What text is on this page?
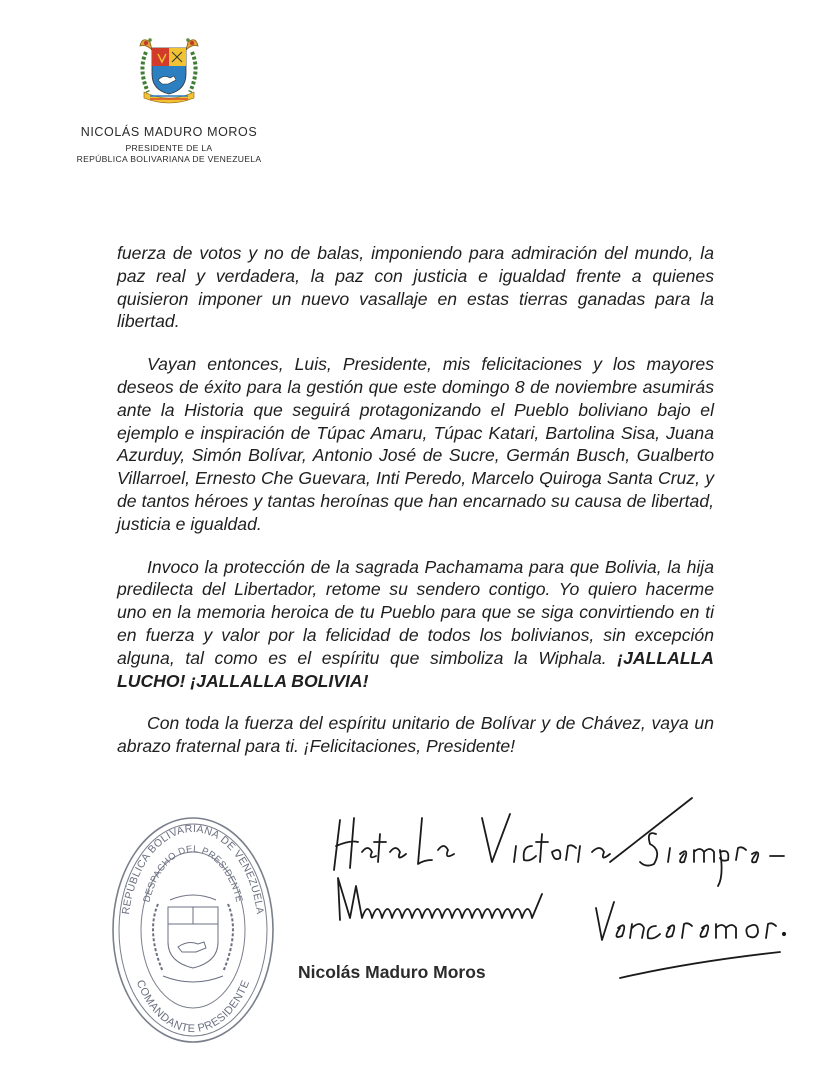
NICOLÁS MADURO MOROS
PRESIDENTE DE LA
REPÚBLICA BOLIVARIANA DE VENEZUELA

fuerza de votos y no de balas, imponiendo para admiración del mundo, la paz real y verdadera, la paz con justicia e igualdad frente a quienes quisieron imponer un nuevo vasallaje en estas tierras ganadas para la libertad.

Vayan entonces, Luis, Presidente, mis felicitaciones y los mayores deseos de éxito para la gestión que este domingo 8 de noviembre asumirás ante la Historia que seguirá protagonizando el Pueblo boliviano bajo el ejemplo e inspiración de Túpac Amaru, Túpac Katari, Bartolina Sisa, Juana Azurduy, Simón Bolívar, Antonio José de Sucre, Germán Busch, Gualberto Villarroel, Ernesto Che Guevara, Inti Peredo, Marcelo Quiroga Santa Cruz, y de tantos héroes y tantas heroínas que han encarnado su causa de libertad, justicia e igualdad.

Invoco la protección de la sagrada Pachamama para que Bolivia, la hija predilecta del Libertador, retome su sendero contigo. Yo quiero hacerme uno en la memoria heroica de tu Pueblo para que se siga convirtiendo en ti en fuerza y valor por la felicidad de todos los bolivianos, sin excepción alguna, tal como es el espíritu que simboliza la Wiphala. ¡JALLALLA LUCHO! ¡JALLALLA BOLIVIA!

Con toda la fuerza del espíritu unitario de Bolívar y de Chávez, vaya un abrazo fraternal para ti. ¡Felicitaciones, Presidente!

REPÚBLICA BOLIVARIANA DE VENEZUELA
DESPACHO DEL PRESIDENTE
COMANDANTE PRESIDENTE
Hasta la Victoria Siempre - Venceremos.
Nicolás Maduro Moros
